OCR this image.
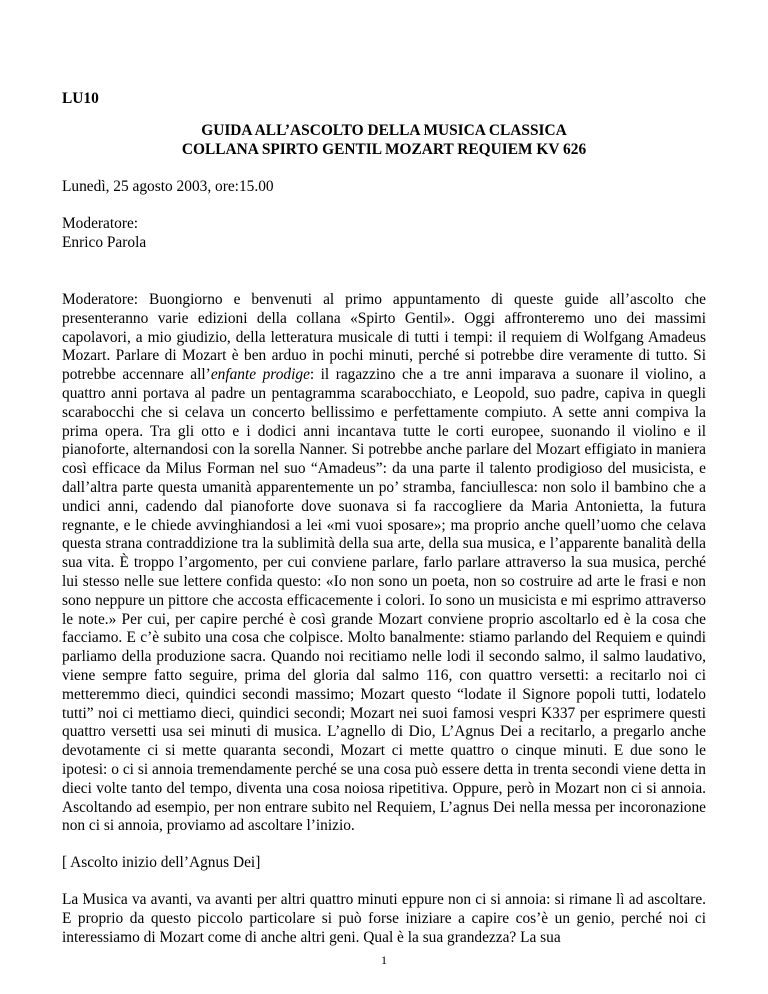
LU10
GUIDA ALL’ASCOLTO DELLA MUSICA CLASSICA
COLLANA SPIRTO GENTIL MOZART REQUIEM KV 626
Lunedì, 25 agosto 2003, ore:15.00
Moderatore:
Enrico Parola

Moderatore: Buongiorno e benvenuti al primo appuntamento di queste guide all’ascolto che presenteranno varie edizioni della collana «Spirto Gentil». Oggi affronteremo uno dei massimi capolavori, a mio giudizio, della letteratura musicale di tutti i tempi: il requiem di Wolfgang Amadeus Mozart. Parlare di Mozart è ben arduo in pochi minuti, perché si potrebbe dire veramente di tutto. Si potrebbe accennare all’enfante prodige: il ragazzino che a tre anni imparava a suonare il violino, a quattro anni portava al padre un pentagramma scarabocchiato, e Leopold, suo padre, capiva in quegli scarabocchi che si celava un concerto bellissimo e perfettamente compiuto. A sette anni compiva la prima opera. Tra gli otto e i dodici anni incantava tutte le corti europee, suonando il violino e il pianoforte, alternandosi con la sorella Nanner. Si potrebbe anche parlare del Mozart effigiato in maniera così efficace da Milus Forman nel suo “Amadeus”: da una parte il talento prodigioso del musicista, e dall’altra parte questa umanità apparentemente un po’ stramba, fanciullesca: non solo il bambino che a undici anni, cadendo dal pianoforte dove suonava si fa raccogliere da Maria Antonietta, la futura regnante, e le chiede avvinghiandosi a lei «mi vuoi sposare»; ma proprio anche quell’uomo che celava questa strana contraddizione tra la sublimità della sua arte, della sua musica, e l’apparente banalità della sua vita. È troppo l’argomento, per cui conviene parlare, farlo parlare attraverso la sua musica, perché lui stesso nelle sue lettere confida questo: «Io non sono un poeta, non so costruire ad arte le frasi e non sono neppure un pittore che accosta efficacemente i colori. Io sono un musicista e mi esprimo attraverso le note.» Per cui, per capire perché è così grande Mozart conviene proprio ascoltarlo ed è la cosa che facciamo. E c’è subito una cosa che colpisce. Molto banalmente: stiamo parlando del Requiem e quindi parliamo della produzione sacra. Quando noi recitiamo nelle lodi il secondo salmo, il salmo laudativo, viene sempre fatto seguire, prima del gloria dal salmo 116, con quattro versetti: a recitarlo noi ci metteremmo dieci, quindici secondi massimo; Mozart questo “lodate il Signore popoli tutti, lodatelo tutti” noi ci mettiamo dieci, quindici secondi; Mozart nei suoi famosi vespri K337 per esprimere questi quattro versetti usa sei minuti di musica. L’agnello di Dio, L’Agnus Dei a recitarlo, a pregarlo anche devotamente ci si mette quaranta secondi, Mozart ci mette quattro o cinque minuti. E due sono le ipotesi: o ci si annoia tremendamente perché se una cosa può essere detta in trenta secondi viene detta in dieci volte tanto del tempo, diventa una cosa noiosa ripetitiva. Oppure, però in Mozart non ci si annoia. Ascoltando ad esempio, per non entrare subito nel Requiem, L’agnus Dei nella messa per incoronazione non ci si annoia, proviamo ad ascoltare l’inizio.

[ Ascolto inizio dell’Agnus Dei]

La Musica va avanti, va avanti per altri quattro minuti eppure non ci si annoia: si rimane lì ad ascoltare. E proprio da questo piccolo particolare si può forse iniziare a capire cos’è un genio, perché noi ci interessiamo di Mozart come di anche altri geni. Qual è la sua grandezza? La sua

1
